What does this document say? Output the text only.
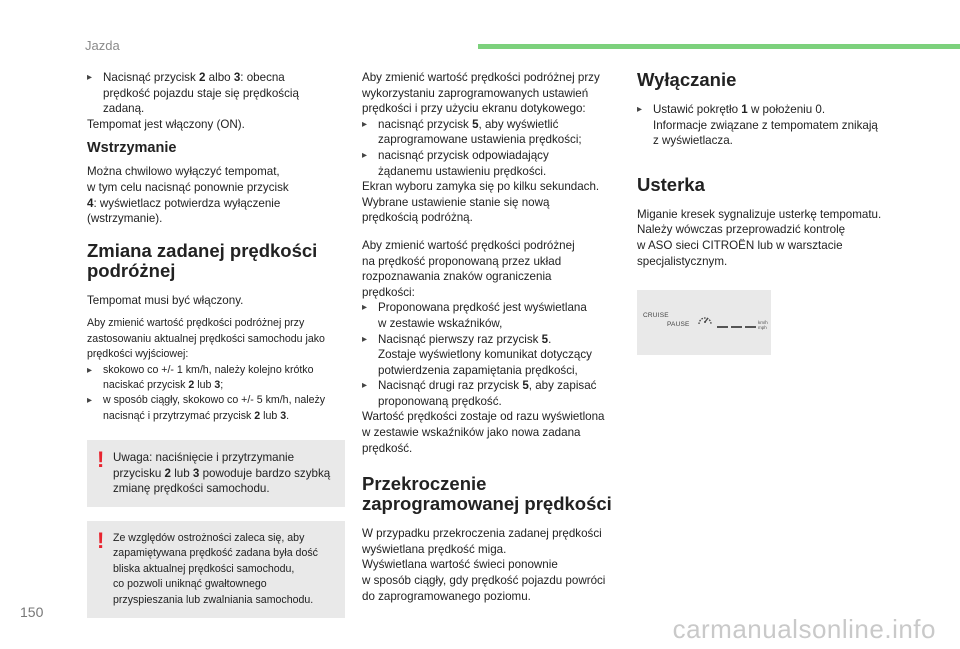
Jazda
▸ Nacisnąć przycisk 2 albo 3: obecna
prędkość pojazdu staje się prędkością
zadaną.

Tempomat jest włączony (ON).

Wstrzymanie

Można chwilowo wyłączyć tempomat,
w tym celu nacisnąć ponownie przycisk
4: wyświetlacz potwierdza wyłączenie
(wstrzymanie).

Zmiana zadanej prędkości
podróżnej

Tempomat musi być włączony.

Aby zmienić wartość prędkości podróżnej przy
zastosowaniu aktualnej prędkości samochodu jako
prędkości wyjściowej:

▸	skokowo co +/- 1 km/h, należy kolejno krótko
naciskać przycisk 2 lub 3;
▸	w sposób ciągły, skokowo co +/- 5 km/h, należy
nacisnąć i przytrzymać przycisk 2 lub 3.
! Uwaga: naciśnięcie i przytrzymanie
przycisku 2 lub 3 powoduje bardzo szybką
zmianę prędkości samochodu.

! Ze względów ostrożności zaleca się, aby
zapamiętywana prędkość zadana była dość
bliska aktualnej prędkości samochodu,
co pozwoli uniknąć gwałtownego
przyspieszania lub zwalniania samochodu.

Aby zmienić wartość prędkości podróżnej przy
wykorzystaniu zaprogramowanych ustawień
prędkości i przy użyciu ekranu dotykowego:

▸ nacisnąć przycisk 5, aby wyświetlić
zaprogramowane ustawienia prędkości;
▸ nacisnąć przycisk odpowiadający
żądanemu ustawieniu prędkości.

Ekran wyboru zamyka się po kilku sekundach.
Wybrane ustawienie stanie się nową
prędkością podróżną.

Aby zmienić wartość prędkości podróżnej
na prędkość proponowaną przez układ
rozpoznawania znaków ograniczenia
prędkości:

▸ Proponowana prędkość jest wyświetlana
w zestawie wskaźników,
▸ Nacisnąć pierwszy raz przycisk 5.
Zostaje wyświetlony komunikat dotyczący
potwierdzenia zapamiętania prędkości,
▸ Nacisnąć drugi raz przycisk 5, aby zapisać
proponowaną prędkość.

Wartość prędkości zostaje od razu wyświetlona
w zestawie wskaźników jako nowa zadana
prędkość.

Przekroczenie
zaprogramowanej prędkości

W przypadku przekroczenia zadanej prędkości
wyświetlana prędkość miga.
Wyświetlana wartość świeci ponownie
w sposób ciągły, gdy prędkość pojazdu powróci
do zaprogramowanego poziomu.

Wyłączanie
▸ Ustawić pokrętło 1 w położeniu 0.
Informacje związane z tempomatem znikają
z wyświetlacza.
Usterka

Miganie kresek sygnalizuje usterkę tempomatu.
Należy wówczas przeprowadzić kontrolę
w ASO sieci CITROËN lub w warsztacie
specjalistycznym.

CRUISE
PAUSE	km/h
mph
150
carmanualsonline.info
